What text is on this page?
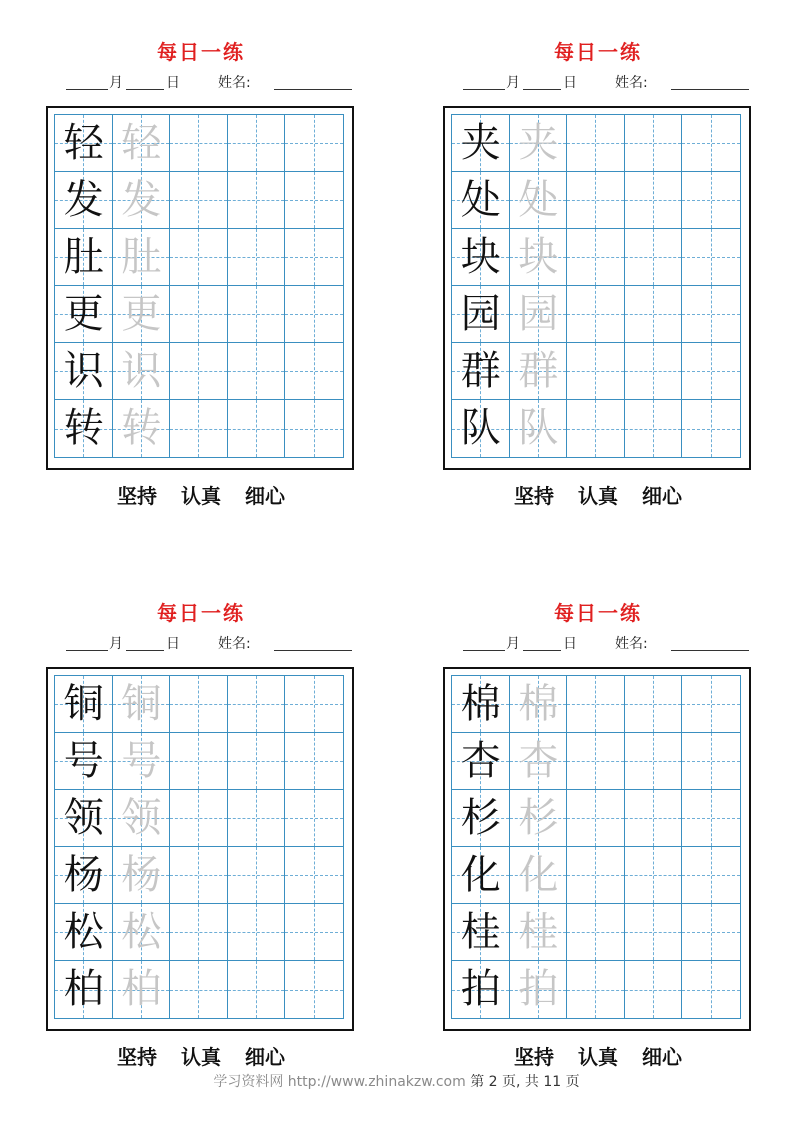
每日一练
月	日	姓名:
轻 轻
发 发
肚 肚
更 更
识 识
转 转
坚持 认真 细心
每日一练
月	日	姓名:
夹 夹
处 处
块 块
园 园
群 群
队 队
坚持 认真 细心
每日一练
月	日	姓名:
铜 铜
号 号
领 领
杨 杨
松 松
柏 柏
坚持 认真 细心
每日一练
月	日	姓名:
棉 棉
杏 杏
杉 杉
化 化
桂 桂
拍 拍
坚持 认真 细心
学习资料网 http://www.zhinakzw.com 第 2 页, 共 11 页
